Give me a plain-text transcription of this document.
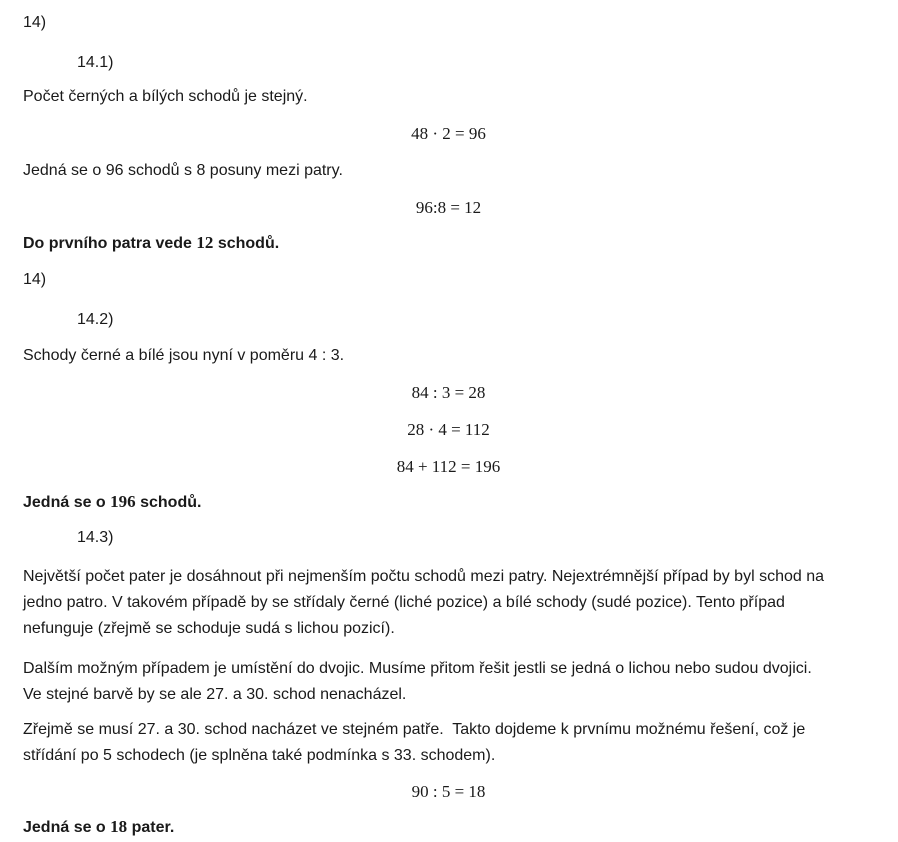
14)
14.1)
Počet černých a bílých schodů je stejný.
48 · 2 = 96
Jedná se o 96 schodů s 8 posuny mezi patry.
96:8 = 12
Do prvního patra vede 12 schodů.
14)
14.2)
Schody černé a bílé jsou nyní v poměru 4 : 3.
84 : 3 = 28
28 · 4 = 112
84 + 112 = 196
Jedná se o 196 schodů.
14.3)
Největší počet pater je dosáhnout při nejmenším počtu schodů mezi patry. Nejextrémnější případ by byl schod na
jedno patro. V takovém případě by se střídaly černé (liché pozice) a bílé schody (sudé pozice). Tento případ
nefunguje (zřejmě se schoduje sudá s lichou pozicí).
Dalším možným případem je umístění do dvojic. Musíme přitom řešit jestli se jedná o lichou nebo sudou dvojici.
Ve stejné barvě by se ale 27. a 30. schod nenacházel.
Zřejmě se musí 27. a 30. schod nacházet ve stejném patře.  Takto dojdeme k prvnímu možnému řešení, což je
střídání po 5 schodech (je splněna také podmínka s 33. schodem).
90 : 5 = 18
Jedná se o 18 pater.
